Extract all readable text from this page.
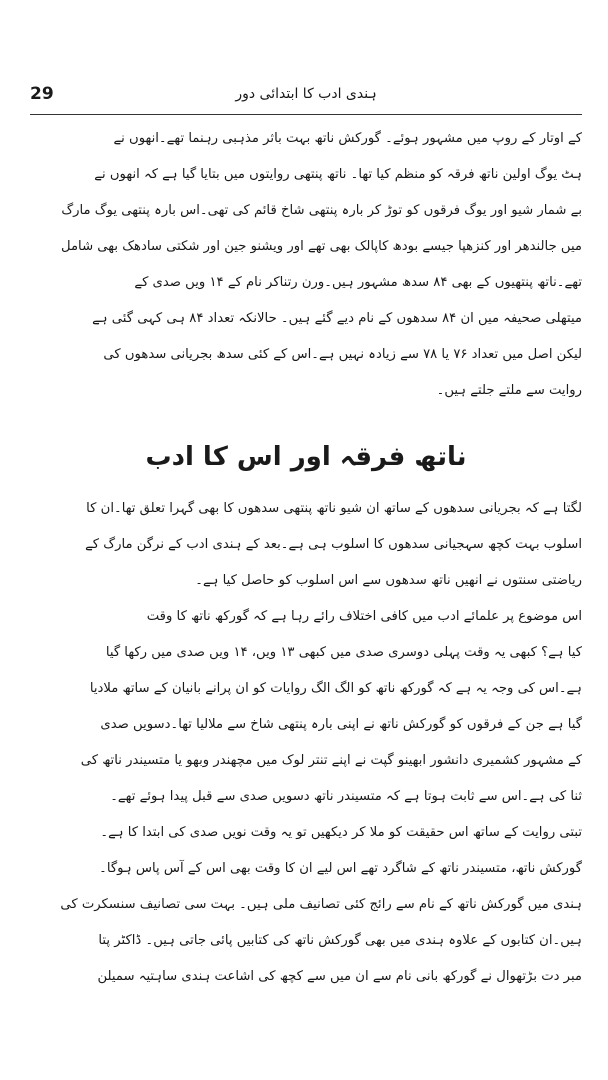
29	ہندی ادب کا ابتدائی دور
کے اوتار کے روپ میں مشہور ہوئے۔ گورکش ناتھ بہت باثر مذہبی رہنما تھے۔انھوں نے
ہٹ یوگ اولین ناتھ فرقہ کو منظم کیا تھا۔ ناتھ پنتھی روایتوں میں بتایا گیا ہے کہ انھوں نے
بے شمار شیو اور یوگ فرقوں کو توڑ کر بارہ پنتھی شاخ قائم کی تھی۔اس بارہ پنتھی یوگ مارگ
میں جالندھر اور کنزھپا جیسے بودھ کاپالک بھی تھے اور ویشنو جین اور شکتی سادھک بھی شامل
تھے۔ناتھ پنتھیوں کے بھی ۸۴ سدھ مشہور ہیں۔ورن رتناکر نام کے ۱۴ ویں صدی کے
میتھلی صحیفہ میں ان ۸۴ سدھوں کے نام دیے گئے ہیں۔ حالانکہ تعداد ۸۴ ہی کہی گئی ہے
لیکن اصل میں تعداد ۷۶ یا ۷۸ سے زیادہ نہیں ہے۔اس کے کئی سدھ بجریانی سدھوں کی
روایت سے ملتے جلتے ہیں۔
ناتھ فرقہ اور اس کا ادب
لگتا ہے کہ بجریانی سدھوں کے ساتھ ان شیو ناتھ پنتھی سدھوں کا بھی گہرا تعلق تھا۔ان کا
اسلوب بہت کچھ سہجیانی سدھوں کا اسلوب ہی ہے۔بعد کے ہندی ادب کے نرگن مارگ کے
ریاضتی سنتوں نے انھیں ناتھ سدھوں سے اس اسلوب کو حاصل کیا ہے۔
اس موضوع پر علمائے ادب میں کافی اختلاف رائے رہا ہے کہ گورکھ ناتھ کا وقت
کیا ہے؟ کبھی یہ وقت پہلی دوسری صدی میں کبھی ۱۳ ویں، ۱۴ ویں صدی میں رکھا گیا
ہے۔اس کی وجہ یہ ہے کہ گورکھ ناتھ کو الگ الگ روایات کو ان پرانے بانیان کے ساتھ ملادیا
گیا ہے جن کے فرقوں کو گورکش ناتھ نے اپنی بارہ پنتھی شاخ سے ملالیا تھا۔دسویں صدی
کے مشہور کشمیری دانشور ابھینو گپت نے اپنے تنتر لوک میں مچھندر وبھو یا متسیندر ناتھ کی
ثنا کی ہے۔اس سے ثابت ہوتا ہے کہ متسیندر ناتھ دسویں صدی سے قبل پیدا ہوئے تھے۔
تبتی روایت کے ساتھ اس حقیقت کو ملا کر دیکھیں تو یہ وقت نویں صدی کی ابتدا کا ہے۔
گورکش ناتھ، متسیندر ناتھ کے شاگرد تھے اس لیے ان کا وقت بھی اس کے آس پاس ہوگا۔
ہندی میں گورکش ناتھ کے نام سے رائج کئی تصانیف ملی ہیں۔ بہت سی تصانیف سنسکرت کی
ہیں۔ان کتابوں کے علاوہ ہندی میں بھی گورکش ناتھ کی کتابیں پائی جاتی ہیں۔ ڈاکٹر پتا
مبر دت بڑتھوال نے گورکھ بانی نام سے ان میں سے کچھ کی اشاعت ہندی ساہتیہ سمیلن
